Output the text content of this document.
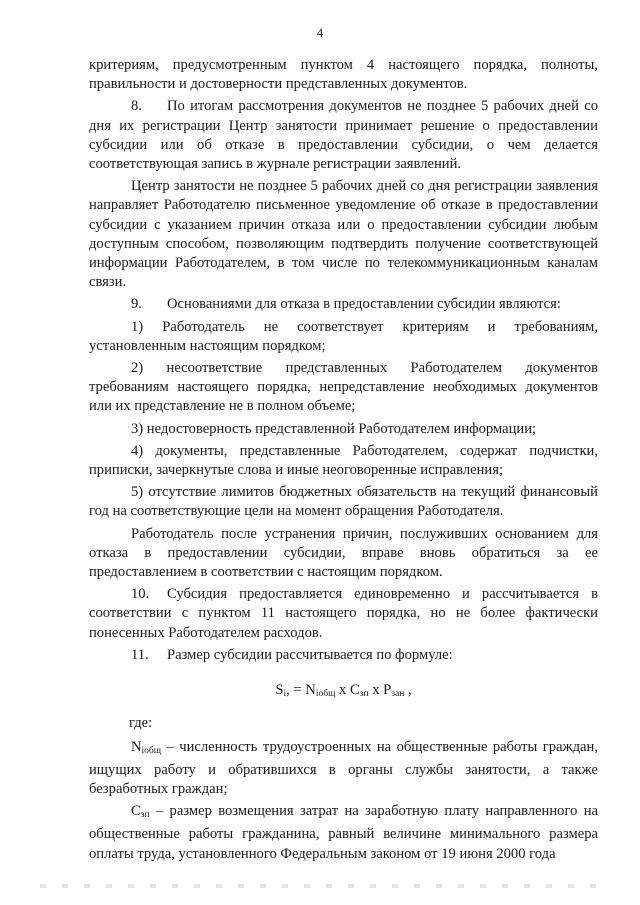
4

критериям, предусмотренным пунктом 4 настоящего порядка, полноты, правильности и достоверности представленных документов.

8. По итогам рассмотрения документов не позднее 5 рабочих дней со дня их регистрации Центр занятости принимает решение о предоставлении субсидии или об отказе в предоставлении субсидии, о чем делается соответствующая запись в журнале регистрации заявлений.

Центр занятости не позднее 5 рабочих дней со дня регистрации заявления направляет Работодателю письменное уведомление об отказе в предоставлении субсидии с указанием причин отказа или о предоставлении субсидии любым доступным способом, позволяющим подтвердить получение соответствующей информации Работодателем, в том числе по телекоммуникационным каналам связи.

9. Основаниями для отказа в предоставлении субсидии являются:

1) Работодатель не соответствует критериям и требованиям, установленным настоящим порядком;

2) несоответствие представленных Работодателем документов требованиям настоящего порядка, непредставление необходимых документов или их представление не в полном объеме;

3) недостоверность представленной Работодателем информации;

4) документы, представленные Работодателем, содержат подчистки, приписки, зачеркнутые слова и иные неоговоренные исправления;

5) отсутствие лимитов бюджетных обязательств на текущий финансовый год на соответствующие цели на момент обращения Работодателя.

Работодатель после устранения причин, послуживших основанием для отказа в предоставлении субсидии, вправе вновь обратиться за ее предоставлением в соответствии с настоящим порядком.

10. Субсидия предоставляется единовременно и рассчитывается в соответствии с пунктом 11 настоящего порядка, но не более фактически понесенных Работодателем расходов.

11. Размер субсидии рассчитывается по формуле:

$S_i$, = $N_{iобщ}$ x $C_{зп}$ x $P_{зан}$ ,

где:

$N_{iобщ}$ – численность трудоустроенных на общественные работы граждан, ищущих работу и обратившихся в органы службы занятости, а также безработных граждан;

$C_{зп}$ – размер возмещения затрат на заработную плату направленного на общественные работы гражданина, равный величине минимального размера оплаты труда, установленного Федеральным законом от 19 июня 2000 года
